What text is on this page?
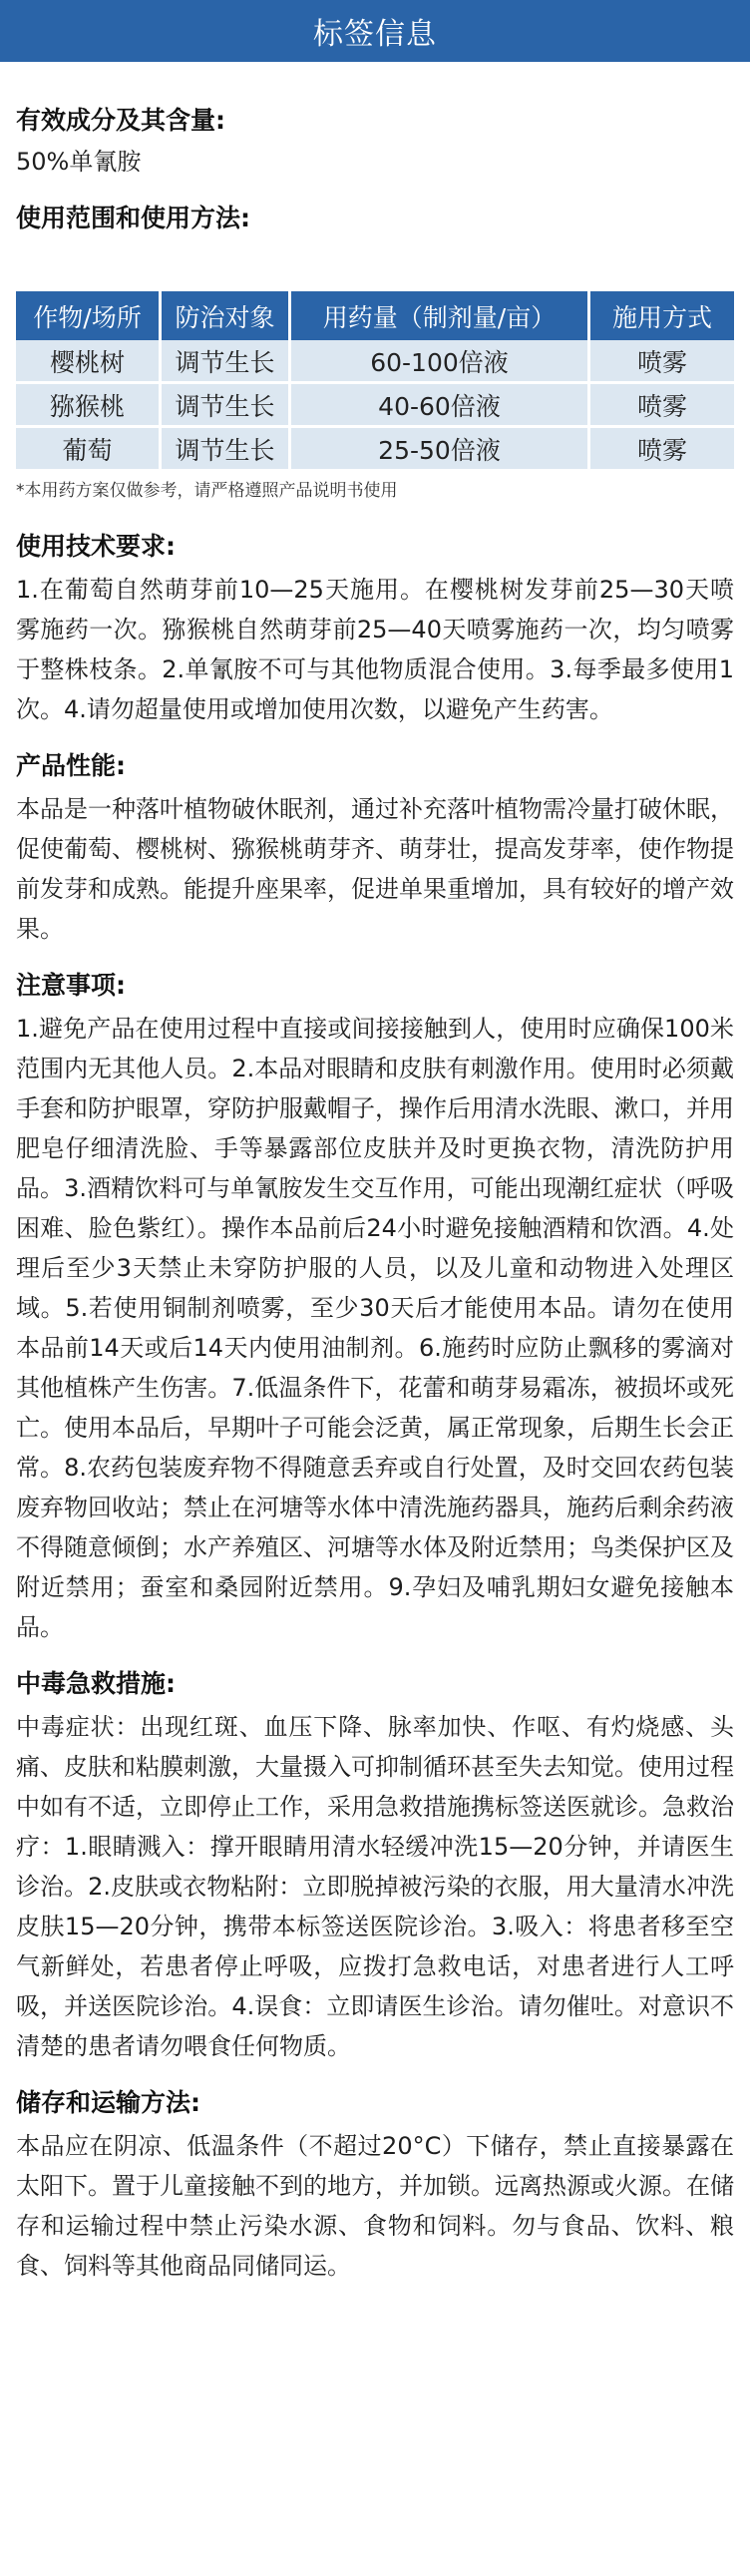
标签信息
有效成分及其含量:
50%单氰胺
使用范围和使用方法:
作物/场所	防治对象	用药量（制剂量/亩）	施用方式
樱桃树	调节生长	60-100倍液	喷雾
猕猴桃	调节生长	40-60倍液	喷雾
葡萄	调节生长	25-50倍液	喷雾
*本用药方案仅做参考，请严格遵照产品说明书使用
使用技术要求:
1.在葡萄自然萌芽前10—25天施用。在樱桃树发芽前25—30天喷雾施药一次。猕猴桃自然萌芽前25—40天喷雾施药一次，均匀喷雾于整株枝条。2.单氰胺不可与其他物质混合使用。3.每季最多使用1次。4.请勿超量使用或增加使用次数，以避免产生药害。
产品性能:
本品是一种落叶植物破休眠剂，通过补充落叶植物需冷量打破休眠，促使葡萄、樱桃树、猕猴桃萌芽齐、萌芽壮，提高发芽率，使作物提前发芽和成熟。能提升座果率，促进单果重增加，具有较好的增产效果。
注意事项:
1.避免产品在使用过程中直接或间接接触到人，使用时应确保100米范围内无其他人员。2.本品对眼睛和皮肤有刺激作用。使用时必须戴手套和防护眼罩，穿防护服戴帽子，操作后用清水洗眼、漱口，并用肥皂仔细清洗脸、手等暴露部位皮肤并及时更换衣物，清洗防护用品。3.酒精饮料可与单氰胺发生交互作用，可能出现潮红症状（呼吸困难、脸色紫红）。操作本品前后24小时避免接触酒精和饮酒。4.处理后至少3天禁止未穿防护服的人员，以及儿童和动物进入处理区域。5.若使用铜制剂喷雾，至少30天后才能使用本品。请勿在使用本品前14天或后14天内使用油制剂。6.施药时应防止飘移的雾滴对其他植株产生伤害。7.低温条件下，花蕾和萌芽易霜冻，被损坏或死亡。使用本品后，早期叶子可能会泛黄，属正常现象，后期生长会正常。8.农药包装废弃物不得随意丢弃或自行处置，及时交回农药包装废弃物回收站；禁止在河塘等水体中清洗施药器具，施药后剩余药液不得随意倾倒；水产养殖区、河塘等水体及附近禁用；鸟类保护区及附近禁用；蚕室和桑园附近禁用。9.孕妇及哺乳期妇女避免接触本品。
中毒急救措施:
中毒症状：出现红斑、血压下降、脉率加快、作呕、有灼烧感、头痛、皮肤和粘膜刺激，大量摄入可抑制循环甚至失去知觉。使用过程中如有不适，立即停止工作，采用急救措施携标签送医就诊。急救治疗：1.眼睛溅入：撑开眼睛用清水轻缓冲洗15—20分钟，并请医生诊治。2.皮肤或衣物粘附：立即脱掉被污染的衣服，用大量清水冲洗皮肤15—20分钟，携带本标签送医院诊治。3.吸入：将患者移至空气新鲜处，若患者停止呼吸，应拨打急救电话，对患者进行人工呼吸，并送医院诊治。4.误食：立即请医生诊治。请勿催吐。对意识不清楚的患者请勿喂食任何物质。
储存和运输方法:
本品应在阴凉、低温条件（不超过20°C）下储存，禁止直接暴露在太阳下。置于儿童接触不到的地方，并加锁。远离热源或火源。在储存和运输过程中禁止污染水源、食物和饲料。勿与食品、饮料、粮食、饲料等其他商品同储同运。
